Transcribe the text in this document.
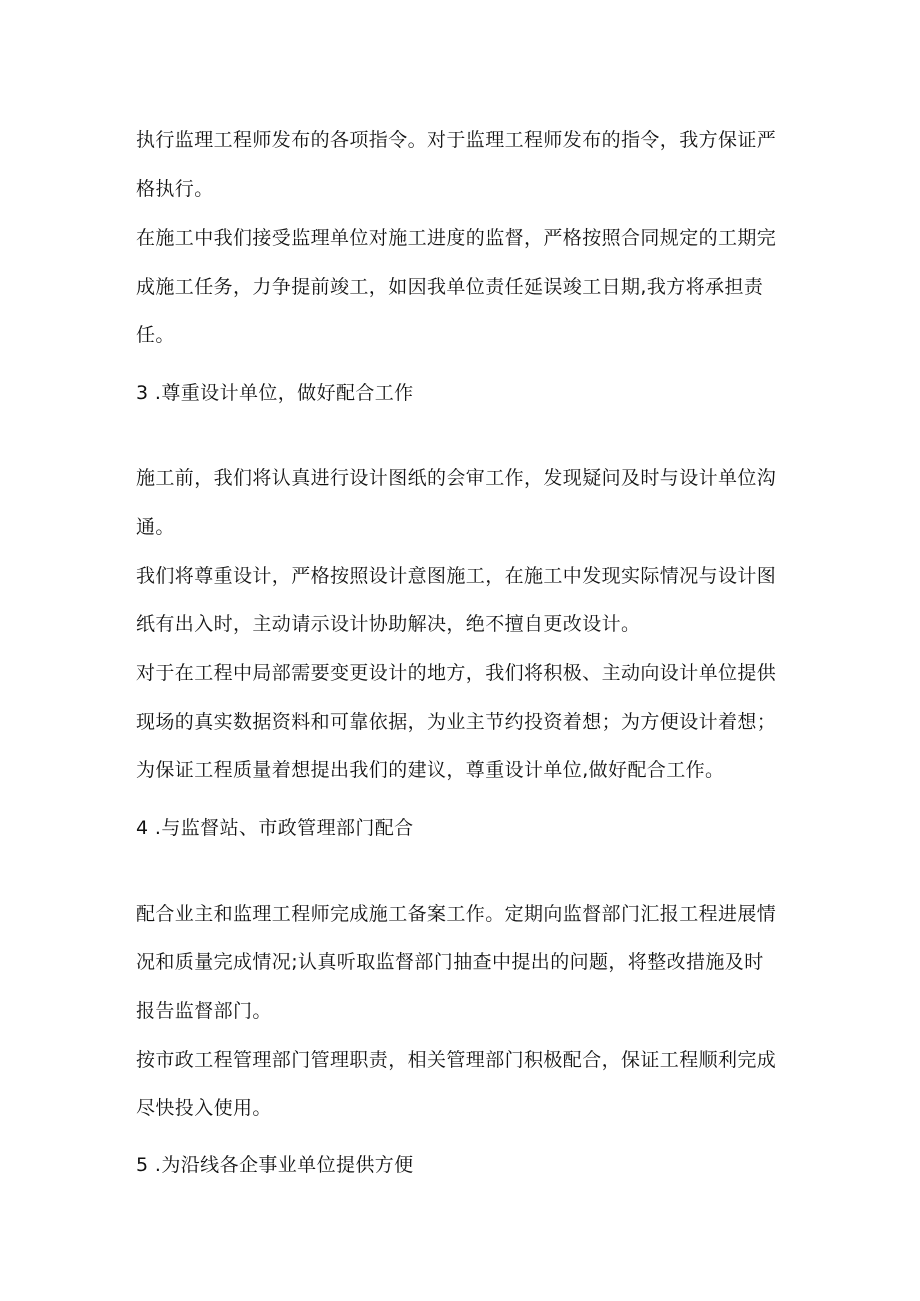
执行监理工程师发布的各项指令。对于监理工程师发布的指令，我方保证严
格执行。
在施工中我们接受监理单位对施工进度的监督，严格按照合同规定的工期完
成施工任务，力争提前竣工，如因我单位责任延误竣工日期,我方将承担责
任。
3 .尊重设计单位，做好配合工作
施工前，我们将认真进行设计图纸的会审工作，发现疑问及时与设计单位沟
通。
我们将尊重设计，严格按照设计意图施工，在施工中发现实际情况与设计图
纸有出入时，主动请示设计协助解决，绝不擅自更改设计。
对于在工程中局部需要变更设计的地方，我们将积极、主动向设计单位提供
现场的真实数据资料和可靠依据，为业主节约投资着想；为方便设计着想；
为保证工程质量着想提出我们的建议，尊重设计单位,做好配合工作。
4 .与监督站、市政管理部门配合
配合业主和监理工程师完成施工备案工作。定期向监督部门汇报工程进展情
况和质量完成情况;认真听取监督部门抽查中提出的问题，将整改措施及时
报告监督部门。
按市政工程管理部门管理职责，相关管理部门积极配合，保证工程顺利完成
尽快投入使用。
5 .为沿线各企事业单位提供方便
